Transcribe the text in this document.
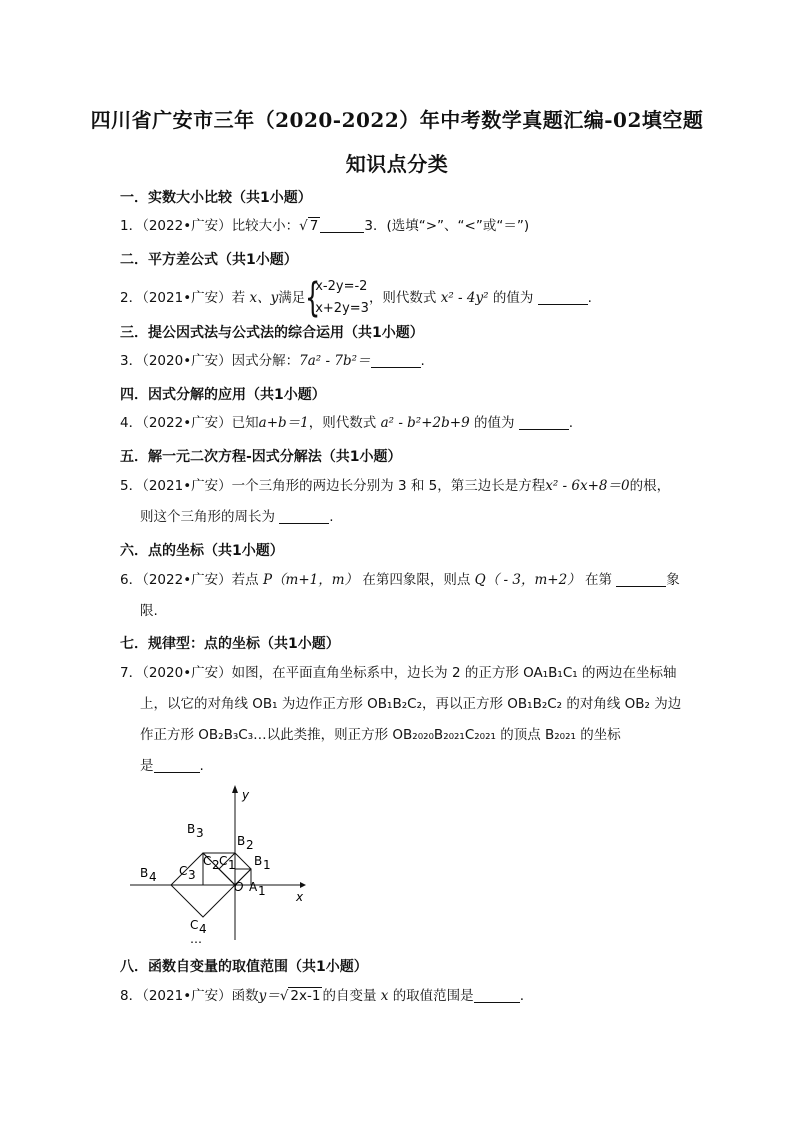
四川省广安市三年（2020-2022）年中考数学真题汇编-02填空题
知识点分类
一．实数大小比较（共1小题）
1．（2022•广安）比较大小：√ 7	3．(选填“>”、“<”或“＝”)
二．平方差公式（共1小题）
2．（2021•广安）若 x、y满足 {
x-2y=-2
x+2y=3
，则代数式 x² - 4y² 的值为	.
三．提公因式法与公式法的综合运用（共1小题）
3．（2020•广安）因式分解：7a² - 7b²＝	.
四．因式分解的应用（共1小题）
4．（2022•广安）已知a+b＝1，则代数式 a² - b²+2b+9 的值为	.
五．解一元二次方程-因式分解法（共1小题）
5．（2021•广安）一个三角形的两边长分别为 3 和 5，第三边长是方程x² - 6x+8＝0的根，
则这个三角形的周长为	.
六．点的坐标（共1小题）
6．（2022•广安）若点 P（m+1，m） 在第四象限，则点 Q（ - 3，m+2） 在第	象
限.
七．规律型：点的坐标（共1小题）
7．（2020•广安）如图，在平面直角坐标系中，边长为 2 的正方形 OA₁B₁C₁ 的两边在坐标轴
上，以它的对角线 OB₁ 为边作正方形 OB₁B₂C₂，再以正方形 OB₁B₂C₂ 的对角线 OB₂ 为边
作正方形 OB₂B₃C₃…以此类推，则正方形 OB₂₀₂₀B₂₀₂₁C₂₀₂₁ 的顶点 B₂₀₂₁ 的坐标
是	.
y
x
O A 1
B 1
B 2
B 3
B 4
C 1
C 2
C 3
C 4
…
八．函数自变量的取值范围（共1小题）
8．（2021•广安）函数y＝√ 2x-1 的自变量 x 的取值范围是	.
